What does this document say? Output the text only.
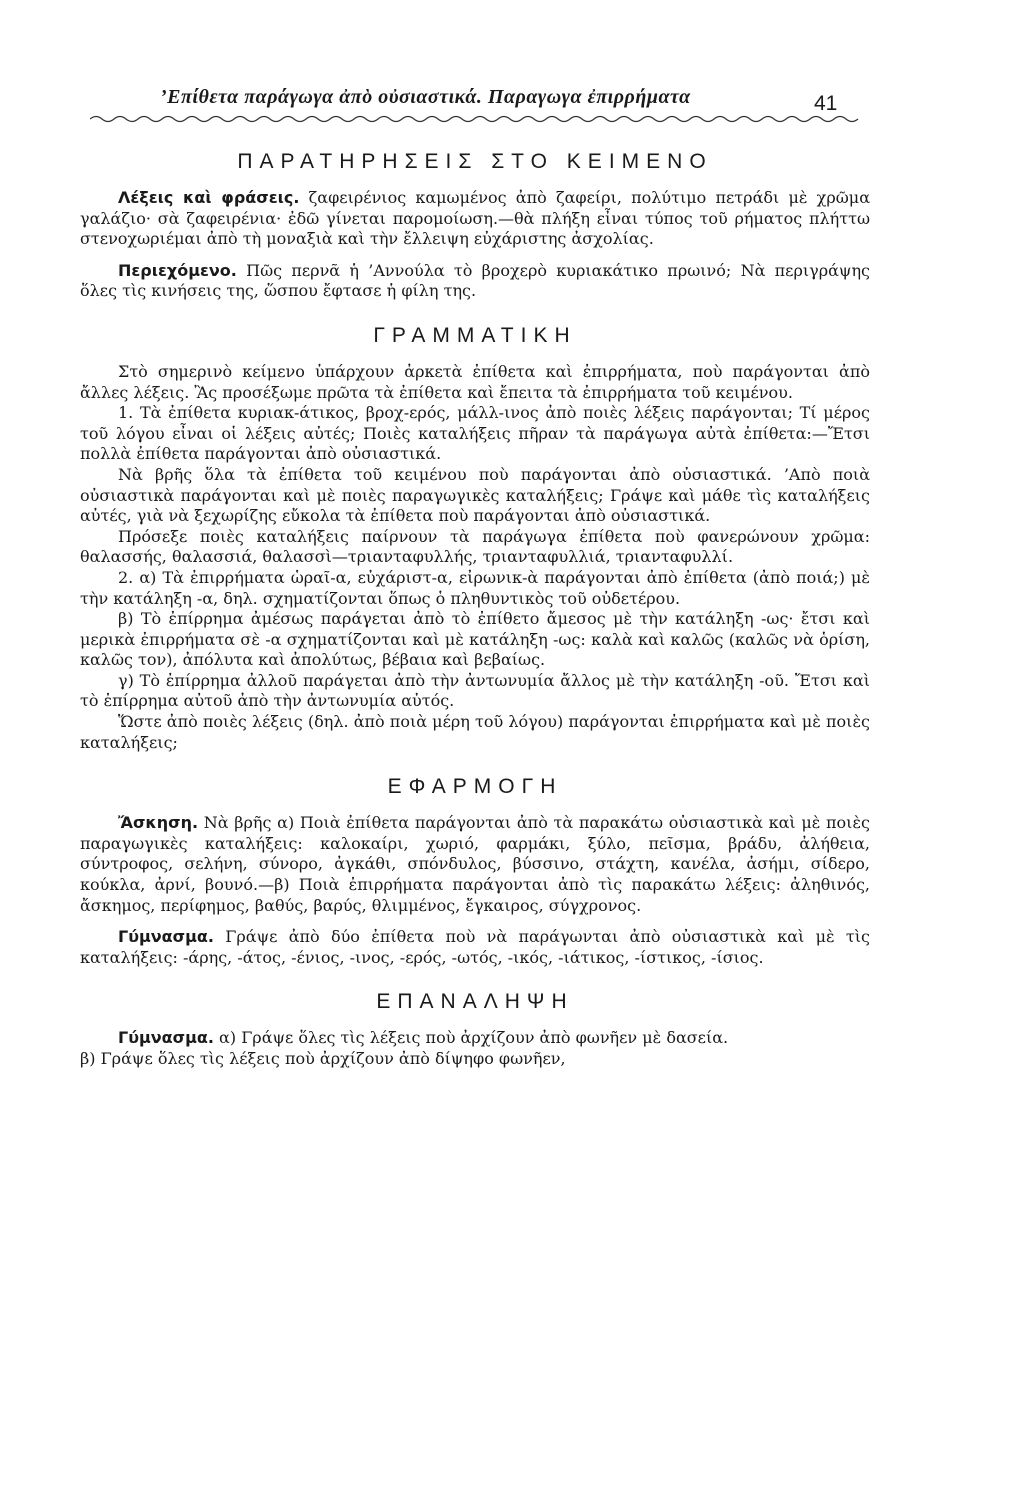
’Επίθετα παράγωγα ἀπὸ οὐσιαστικά. Παραγωγα ἐπιρρήματα	41
ΠΑΡΑΤΗΡΗΣΕΙΣ ΣΤΟ ΚΕΙΜΕΝΟ

Λέξεις καὶ φράσεις. ζαφειρένιος καμωμένος ἀπὸ ζαφείρι, πολύτιμο πετράδι μὲ χρῶμα γαλάζιο· σὰ ζαφειρένια· ἐδῶ γίνεται παρομοίωση.—θὰ πλήξη εἶναι τύπος τοῦ ρήματος πλήττω στενοχωριέμαι ἀπὸ τὴ μοναξιὰ καὶ τὴν ἔλλειψη εὐχάριστης ἀσχολίας.

Περιεχόμενο. Πῶς περνᾶ ἡ ’Αννούλα τὸ βροχερὸ κυριακάτικο πρωινό; Νὰ περιγράψης ὅλες τὶς κινήσεις της, ὥσπου ἔφτασε ἡ φίλη της.

ΓΡΑΜΜΑΤΙΚΗ

Στὸ σημερινὸ κείμενο ὑπάρχουν ἀρκετὰ ἐπίθετα καὶ ἐπιρρήματα, ποὺ παράγονται ἀπὸ ἄλλες λέξεις. Ἂς προσέξωμε πρῶτα τὰ ἐπίθετα καὶ ἔπειτα τὰ ἐπιρρήματα τοῦ κειμένου.

1. Τὰ ἐπίθετα κυριακ-άτικος, βροχ-ερός, μάλλ-ινος ἀπὸ ποιὲς λέξεις παράγονται; Τί μέρος τοῦ λόγου εἶναι οἱ λέξεις αὐτές; Ποιὲς καταλήξεις πῆραν τὰ παράγωγα αὐτὰ ἐπίθετα:—Ἔτσι πολλὰ ἐπίθετα παράγονται ἀπὸ οὐσιαστικά.

Νὰ βρῆς ὅλα τὰ ἐπίθετα τοῦ κειμένου ποὺ παράγονται ἀπὸ οὐσιαστικά. ’Απὸ ποιὰ οὐσιαστικὰ παράγονται καὶ μὲ ποιὲς παραγωγικὲς καταλήξεις; Γράψε καὶ μάθε τὶς καταλήξεις αὐτές, γιὰ νὰ ξεχωρίζης εὔκολα τὰ ἐπίθετα ποὺ παράγονται ἀπὸ οὐσιαστικά.

Πρόσεξε ποιὲς καταλήξεις παίρνουν τὰ παράγωγα ἐπίθετα ποὺ φανερώνουν χρῶμα: θαλασσής, θαλασσιά, θαλασσὶ—τριανταφυλλής, τριανταφυλλιά, τριανταφυλλί.

2. α) Τὰ ἐπιρρήματα ὡραῖ-α, εὐχάριστ-α, εἰρωνικ-ὰ παράγονται ἀπὸ ἐπίθετα (ἀπὸ ποιά;) μὲ τὴν κατάληξη -α, δηλ. σχηματίζονται ὅπως ὁ πληθυντικὸς τοῦ οὐδετέρου.

β) Τὸ ἐπίρρημα ἀμέσως παράγεται ἀπὸ τὸ ἐπίθετο ἄμεσος μὲ τὴν κατάληξη -ως· ἔτσι καὶ μερικὰ ἐπιρρήματα σὲ -α σχηματίζονται καὶ μὲ κατάληξη -ως: καλὰ καὶ καλῶς (καλῶς νὰ ὁρίση, καλῶς τον), ἀπόλυτα καὶ ἀπολύτως, βέβαια καὶ βεβαίως.

γ) Τὸ ἐπίρρημα ἀλλοῦ παράγεται ἀπὸ τὴν ἀντωνυμία ἄλλος μὲ τὴν κατάληξη -οῦ. Ἔτσι καὶ τὸ ἐπίρρημα αὐτοῦ ἀπὸ τὴν ἀντωνυμία αὐτός.

Ὥστε ἀπὸ ποιὲς λέξεις (δηλ. ἀπὸ ποιὰ μέρη τοῦ λόγου) παράγονται ἐπιρρήματα καὶ μὲ ποιὲς καταλήξεις;

ΕΦΑΡΜΟΓΗ

Ἄσκηση. Νὰ βρῆς α) Ποιὰ ἐπίθετα παράγονται ἀπὸ τὰ παρακάτω οὐσιαστικὰ καὶ μὲ ποιὲς παραγωγικὲς καταλήξεις: καλοκαίρι, χωριό, φαρμάκι, ξύλο, πεῖσμα, βράδυ, ἀλήθεια, σύντροφος, σελήνη, σύνορο, ἀγκάθι, σπόνδυλος, βύσσινο, στάχτη, κανέλα, ἀσήμι, σίδερο, κούκλα, ἀρνί, βουνό.—β) Ποιὰ ἐπιρρήματα παράγονται ἀπὸ τὶς παρακάτω λέξεις: ἀληθινός, ἄσκημος, περίφημος, βαθύς, βαρύς, θλιμμένος, ἔγκαιρος, σύγχρονος.

Γύμνασμα. Γράψε ἀπὸ δύο ἐπίθετα ποὺ νὰ παράγωνται ἀπὸ οὐσιαστικὰ καὶ μὲ τὶς καταλήξεις: -άρης, -άτος, -ένιος, -ινος, -ερός, -ωτός, -ικός, -ιάτικος, -ίστικος, -ίσιος.

ΕΠΑΝΑΛΗΨΗ

Γύμνασμα. α) Γράψε ὅλες τὶς λέξεις ποὺ ἀρχίζουν ἀπὸ φωνῆεν μὲ δασεία.

β) Γράψε ὅλες τὶς λέξεις ποὺ ἀρχίζουν ἀπὸ δίψηφο φωνῆεν,
